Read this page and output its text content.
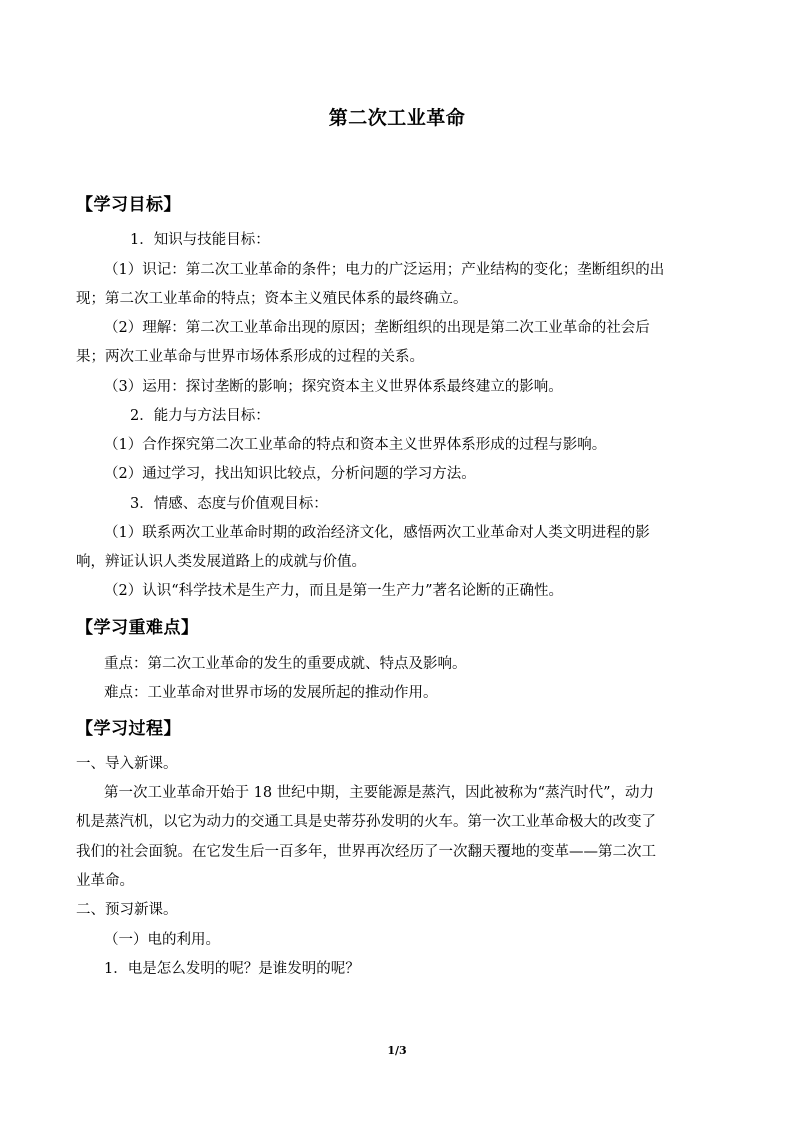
第二次工业革命
【学习目标】
1．知识与技能目标：
（1）识记：第二次工业革命的条件；电力的广泛运用；产业结构的变化；垄断组织的出
现；第二次工业革命的特点；资本主义殖民体系的最终确立。
（2）理解：第二次工业革命出现的原因；垄断组织的出现是第二次工业革命的社会后
果；两次工业革命与世界市场体系形成的过程的关系。
（3）运用：探讨垄断的影响；探究资本主义世界体系最终建立的影响。
2．能力与方法目标：
（1）合作探究第二次工业革命的特点和资本主义世界体系形成的过程与影响。
（2）通过学习，找出知识比较点，分析问题的学习方法。
3．情感、态度与价值观目标：
（1）联系两次工业革命时期的政治经济文化，感悟两次工业革命对人类文明进程的影
响，辨证认识人类发展道路上的成就与价值。
（2）认识“科学技术是生产力，而且是第一生产力”著名论断的正确性。
【学习重难点】
重点：第二次工业革命的发生的重要成就、特点及影响。
难点：工业革命对世界市场的发展所起的推动作用。
【学习过程】
一、导入新课。
第一次工业革命开始于 18 世纪中期，主要能源是蒸汽，因此被称为“蒸汽时代”，动力
机是蒸汽机，以它为动力的交通工具是史蒂芬孙发明的火车。第一次工业革命极大的改变了
我们的社会面貌。在它发生后一百多年，世界再次经历了一次翻天覆地的变革——第二次工
业革命。
二、预习新课。
（一）电的利用。
1．电是怎么发明的呢？是谁发明的呢？
1/3
